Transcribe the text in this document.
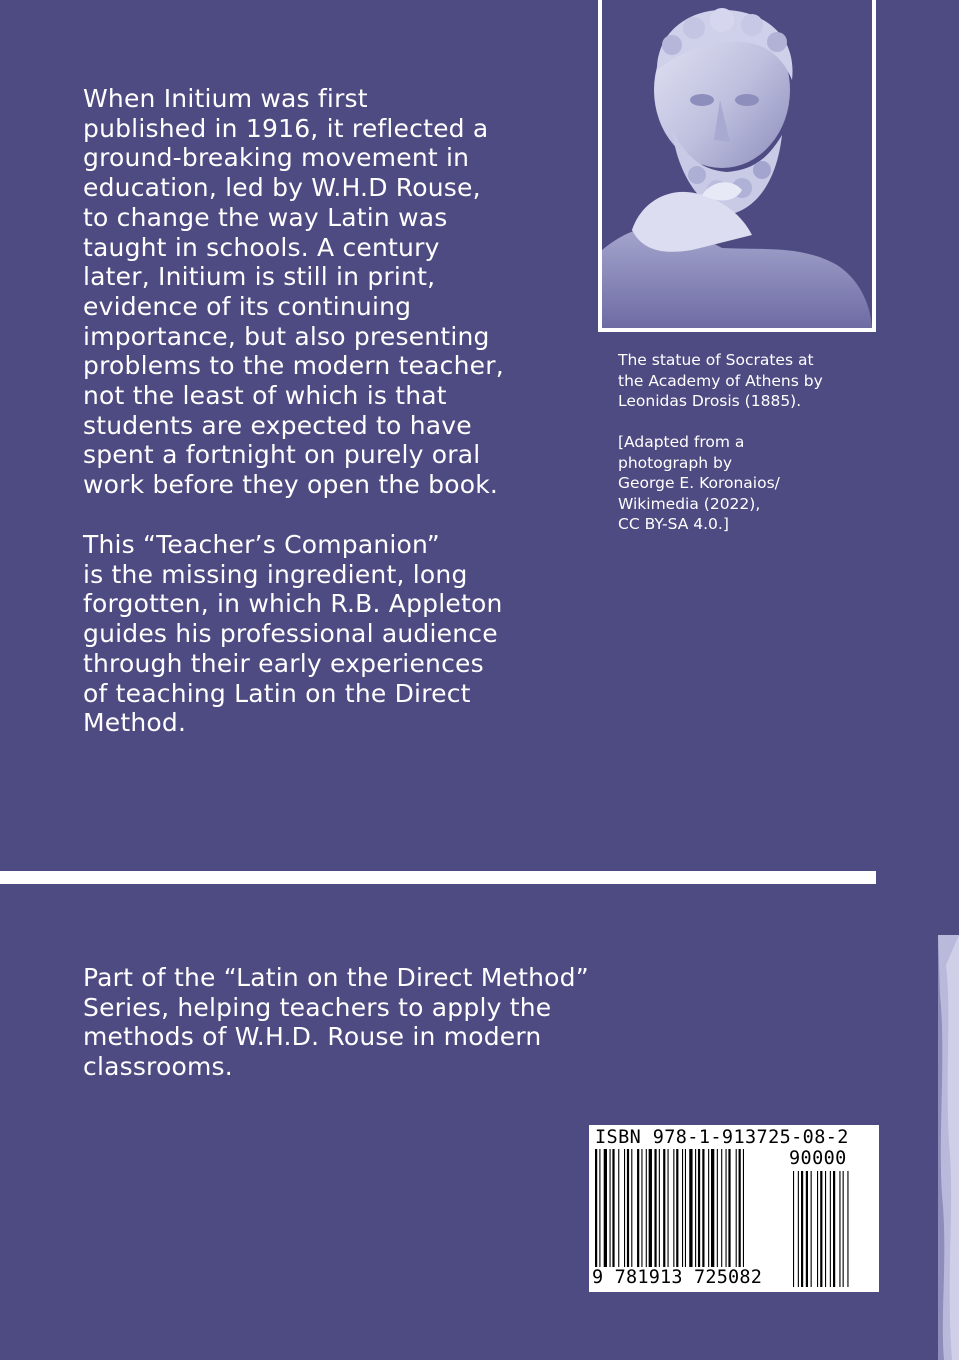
When Initium was first
published in 1916, it reflected a
ground-breaking movement in
education, led by W.H.D Rouse,
to change the way Latin was
taught in schools. A century
later, Initium is still in print,
evidence of its continuing
importance, but also presenting
problems to the modern teacher,
not the least of which is that
students are expected to have
spent a fortnight on purely oral
work before they open the book.

This “Teacher’s Companion”
is the missing ingredient, long
forgotten, in which R.B. Appleton
guides his professional audience
through their early experiences
of teaching Latin on the Direct
Method.

The statue of Socrates at
the Academy of Athens by
Leonidas Drosis (1885).

[Adapted from a
photograph by
George E. Koronaios/
Wikimedia (2022),
CC BY-SA 4.0.]

Part of the “Latin on the Direct Method”
Series, helping teachers to apply the
methods of W.H.D. Rouse in modern
classrooms.

ISBN 978-1-913725-08-2
90000
9 781913 725082
